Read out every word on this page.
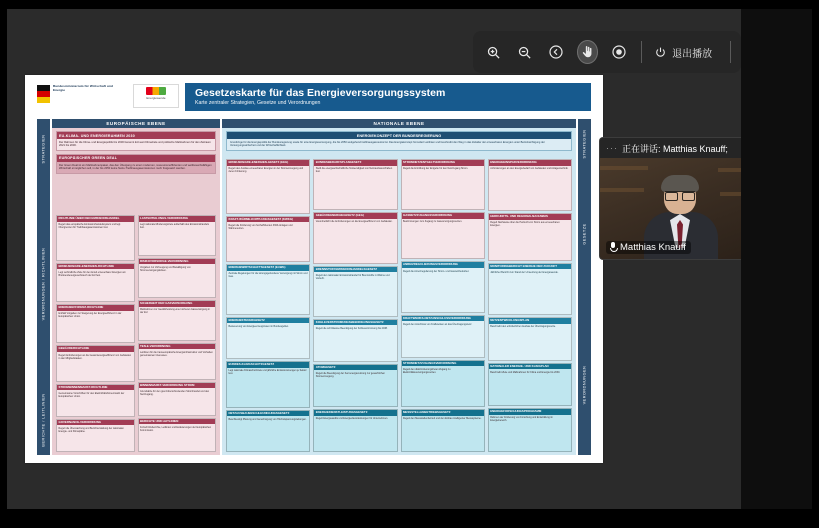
Bundesministerium für Wirtschaft und Energie
Energiewende	Gesetzeskarte für das Energieversorgungssystem
Karte zentraler Strategien, Gesetze und Verordnungen
STRATEGIEN
VERORDNUNGEN / RICHTLINIEN
BERICHTE / LEITLINIEN
EUROPÄISCHE EBENE
EU-KLIMA- UND ENERGIERAHMEN 2030
Der Rahmen für die Klima- und Energiepolitik bis 2030 benennt EU-weit Klimaziele und politische Maßnahmen für den Zeitraum 2021 bis 2030.
EUROPÄISCHER GREEN DEAL
Der Green Deal ist ein Maßnahmenpaket, das den Übergang zu einer modernen, ressourceneffizienten und wettbewerbsfähigen Wirtschaft ermöglichen soll, in der bis 2050 keine Netto-Treibhausgasemissionen mehr freigesetzt werden.
RICHTLINIE ÜBER DEN EMISSIONSHANDEL
Regelt das europäische Emissionshandelssystem und legt Obergrenzen für Treibhausgasemissionen fest.
ERNEUERBARE-ENERGIEN-RICHTLINIE
Legt verbindliche Ziele für den Anteil erneuerbarer Energien am Bruttoendenergieverbrauch der EU fest.
ENERGIEEFFIZIENZ-RICHTLINIE
Enthält Vorgaben zur Steigerung der Energieeffizienz in der Europäischen Union.
GEBÄUDERICHTLINIE
Regelt Anforderungen an die Gesamtenergieeffizienz von Gebäuden in den Mitgliedstaaten.
STROMBINNENMARKT-RICHTLINIE
Gemeinsame Vorschriften für den Elektrizitätsbinnenmarkt der Europäischen Union.
GOVERNANCE-VERORDNUNG
Regelt die Überwachung und Berichterstattung der nationalen Energie- und Klimapläne.
LASTENTEILUNGS-VERORDNUNG
Legt nationale Minderungsziele außerhalb des Emissionshandels fest.
RISIKOVORSORGE-VERORDNUNG
Vorgaben zur Vorbeugung und Bewältigung von Stromversorgungskrisen.
SICHERHEIT DER GASVERSORGUNG
Maßnahmen zur Gewährleistung einer sicheren Gasversorgung in der EU.
TEN-E-VERORDNUNG
Leitlinien für die transeuropäische Energieinfrastruktur und Vorhaben gemeinsamen Interesses.
BINNENMARKT-VERORDNUNG STROM
Grundsätze für den grenzüberschreitenden Stromhandel und den Netzzugang.
BERICHTE UND LEITLINIEN
Fortschrittsberichte, Leitlinien und Evaluierungen der Europäischen Kommission.
NATIONALE EBENE
ENERGIEKONZEPT DER BUNDESREGIERUNG
Grundzüge für die Energiepolitik der Bundesregierung sowie für eine Energieversorgung, die bis 2050 weitgehend treibhausgasneutral ist. Das Energiekonzept formuliert Leitlinien und beschreibt den Weg in das Zeitalter der erneuerbaren Energien unter Berücksichtigung der Versorgungssicherheit und der Wirtschaftlichkeit.
ERNEUERBARE-ENERGIEN-GESETZ (EEG)
Regelt den Ausbau erneuerbarer Energien in der Stromerzeugung und deren Förderung.
KRAFT-WÄRME-KOPPLUNGSGESETZ (KWKG)
Regelt die Förderung von hocheffizienten KWK-Anlagen und Wärmenetzen.
ENERGIEWIRTSCHAFTSGESETZ (EnWG)
Zentrale Regelungen für die leitungsgebundene Versorgung mit Strom und Gas.
ENERGIESTEUERGESETZ
Besteuerung von Energieerzeugnissen im Bundesgebiet.
BUNDES-KLIMASCHUTZGESETZ
Legt nationale Klimaschutzziele und jährliche Emissionsmengen je Sektor fest.
NETZAUSBAUBESCHLEUNIGUNGSGESETZ
Beschleunigt Planung und Genehmigung von Höchstspannungsleitungen.
BUNDESBEDARFSPLANGESETZ
Stellt die energiewirtschaftliche Notwendigkeit von Netzausbauvorhaben fest.
GEBÄUDEENERGIEGESETZ (GEG)
Vereinheitlicht die Anforderungen an die Energieeffizienz von Gebäuden.
BRENNSTOFFEMISSIONSHANDELSGESETZ
Regelt den nationalen Emissionshandel für Brennstoffe in Wärme und Verkehr.
KOHLEVERSTROMUNGSBEENDIGUNGSGESETZ
Regelt die schrittweise Beendigung der Kohleverstromung bis 2038.
ATOMGESETZ
Regelt die Beendigung der Kernenergienutzung zur gewerblichen Stromerzeugung.
ENERGIEDIENSTLEISTUNGSGESETZ
Regelt Energieaudits und Energiedienstleistungen für Unternehmen.
STROMNETZENTGELTVERORDNUNG
Regelt die Ermittlung der Entgelte für den Netzzugang Strom.
GASNETZZUGANGSVERORDNUNG
Bestimmungen zum Zugang zu Gasversorgungsnetzen.
ANREIZREGULIERUNGSVERORDNUNG
Regelt die Anreizregulierung der Strom- und Gasnetzbetreiber.
KRAFTWERKS-NETZANSCHLUSSVERORDNUNG
Regelt den Anschluss von Kraftwerken an das Übertragungsnetz.
STROMNETZZUGANGSVERORDNUNG
Regelt den diskriminierungsfreien Zugang zu Elektrizitätsversorgungsnetzen.
MESSSTELLENBETRIEBSGESETZ
Regelt den Messstellenbetrieb und den Einbau intelligenter Messsysteme.
ENERGIEEINSPARVERORDNUNG
Anforderungen an den Energiebedarf von Gebäuden und Anlagentechnik.
HERKUNFTS- UND REGIONALNACHWEIS
Regelt Nachweise über die Herkunft von Strom aus erneuerbaren Energien.
MONITORINGBERICHT ENERGIE DER ZUKUNFT
Jährlicher Bericht zum Stand der Umsetzung der Energiewende.
NETZENTWICKLUNGSPLAN
Beschreibt den erforderlichen Ausbau der Übertragungsnetze.
NATIONALER ENERGIE- UND KLIMAPLAN
Beschreibt Ziele und Maßnahmen für Klima und Energie bis 2030.
ENERGIEFORSCHUNGSPROGRAMM
Rahmen der Förderung von Forschung und Entwicklung im Energiebereich.
STRATEGIEN
GESETZE
VERORDNUNGEN
退出播放
··· 正在讲话: Matthias Knauff;
Matthias Knauff
